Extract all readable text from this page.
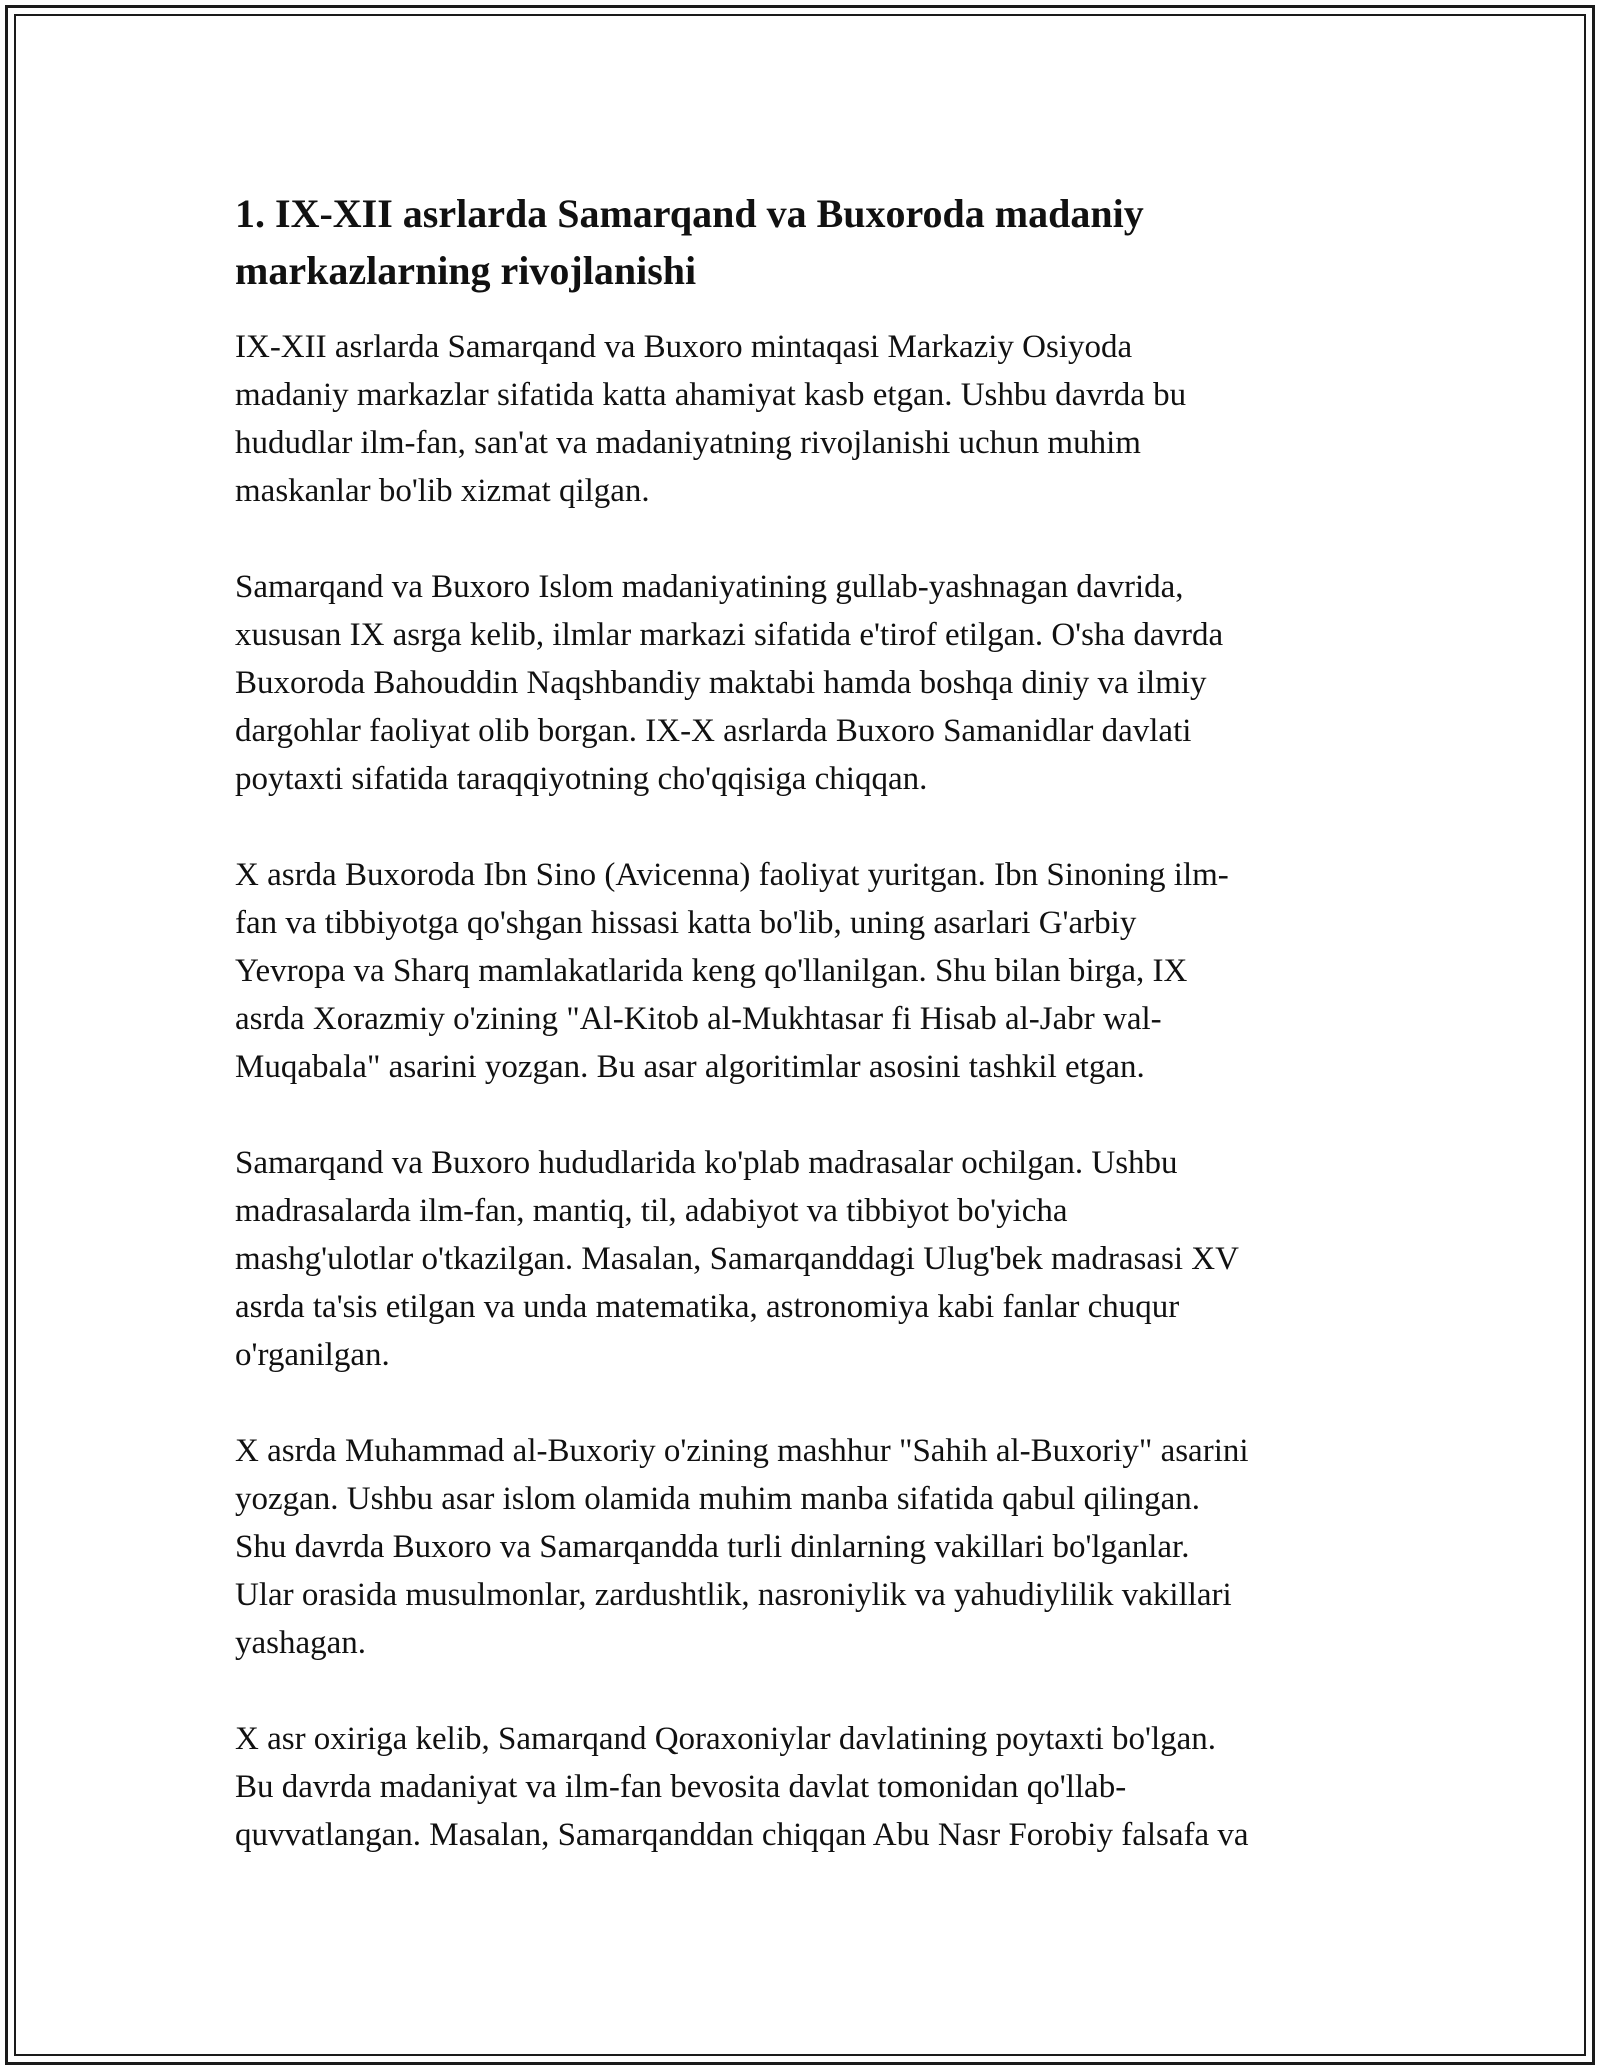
1. IX-XII asrlarda Samarqand va Buxoroda madaniy
markazlarning rivojlanishi

IX-XII asrlarda Samarqand va Buxoro mintaqasi Markaziy Osiyoda
madaniy markazlar sifatida katta ahamiyat kasb etgan. Ushbu davrda bu
hududlar ilm-fan, san'at va madaniyatning rivojlanishi uchun muhim
maskanlar bo'lib xizmat qilgan.

Samarqand va Buxoro Islom madaniyatining gullab-yashnagan davrida,
xususan IX asrga kelib, ilmlar markazi sifatida e'tirof etilgan. O'sha davrda
Buxoroda Bahouddin Naqshbandiy maktabi hamda boshqa diniy va ilmiy
dargohlar faoliyat olib borgan. IX-X asrlarda Buxoro Samanidlar davlati
poytaxti sifatida taraqqiyotning cho'qqisiga chiqqan.

X asrda Buxoroda Ibn Sino (Avicenna) faoliyat yuritgan. Ibn Sinoning ilm-
fan va tibbiyotga qo'shgan hissasi katta bo'lib, uning asarlari G'arbiy
Yevropa va Sharq mamlakatlarida keng qo'llanilgan. Shu bilan birga, IX
asrda Xorazmiy o'zining "Al-Kitob al-Mukhtasar fi Hisab al-Jabr wal-
Muqabala" asarini yozgan. Bu asar algoritimlar asosini tashkil etgan.

Samarqand va Buxoro hududlarida ko'plab madrasalar ochilgan. Ushbu
madrasalarda ilm-fan, mantiq, til, adabiyot va tibbiyot bo'yicha
mashg'ulotlar o'tkazilgan. Masalan, Samarqanddagi Ulug'bek madrasasi XV
asrda ta'sis etilgan va unda matematika, astronomiya kabi fanlar chuqur
o'rganilgan.

X asrda Muhammad al-Buxoriy o'zining mashhur "Sahih al-Buxoriy" asarini
yozgan. Ushbu asar islom olamida muhim manba sifatida qabul qilingan.
Shu davrda Buxoro va Samarqandda turli dinlarning vakillari bo'lganlar.
Ular orasida musulmonlar, zardushtlik, nasroniylik va yahudiylilik vakillari
yashagan.

X asr oxiriga kelib, Samarqand Qoraxoniylar davlatining poytaxti bo'lgan.
Bu davrda madaniyat va ilm-fan bevosita davlat tomonidan qo'llab-
quvvatlangan. Masalan, Samarqanddan chiqqan Abu Nasr Forobiy falsafa va
